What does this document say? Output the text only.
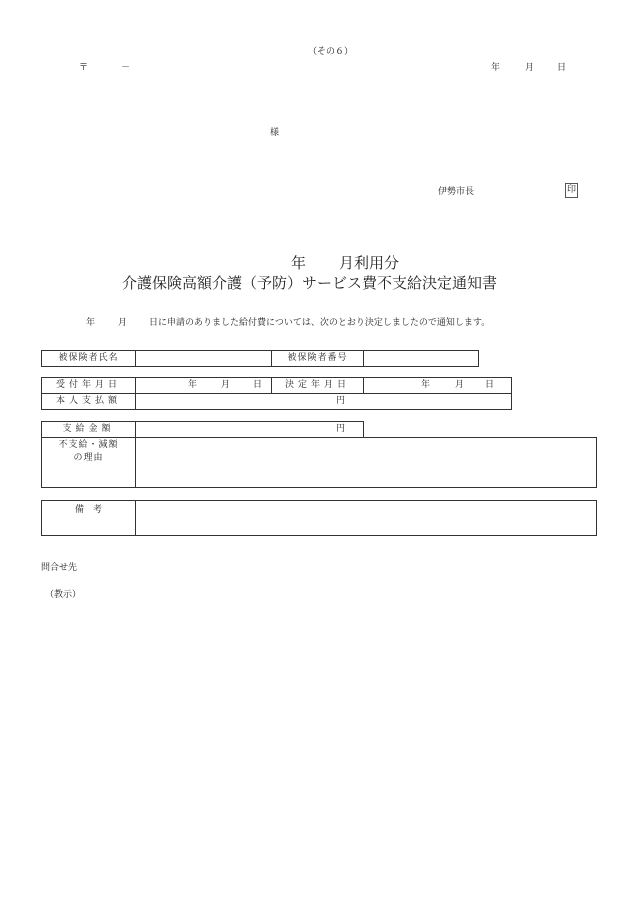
（その６）
〒	－	年	月	日
様
伊勢市長	印
年 月利用分
介護保険高額介護（予防）サービス費不支給決定通知書
年	月 日に申請のありました給付費については、次のとおり決定しましたので通知します。
被保険者氏名	被保険者番号
受付年月日	年	月	日	決定年月日	年	月 日
本人支払額	円
支給金額	円
不支給・減額
の理由
備　考
問合せ先
（教示）
